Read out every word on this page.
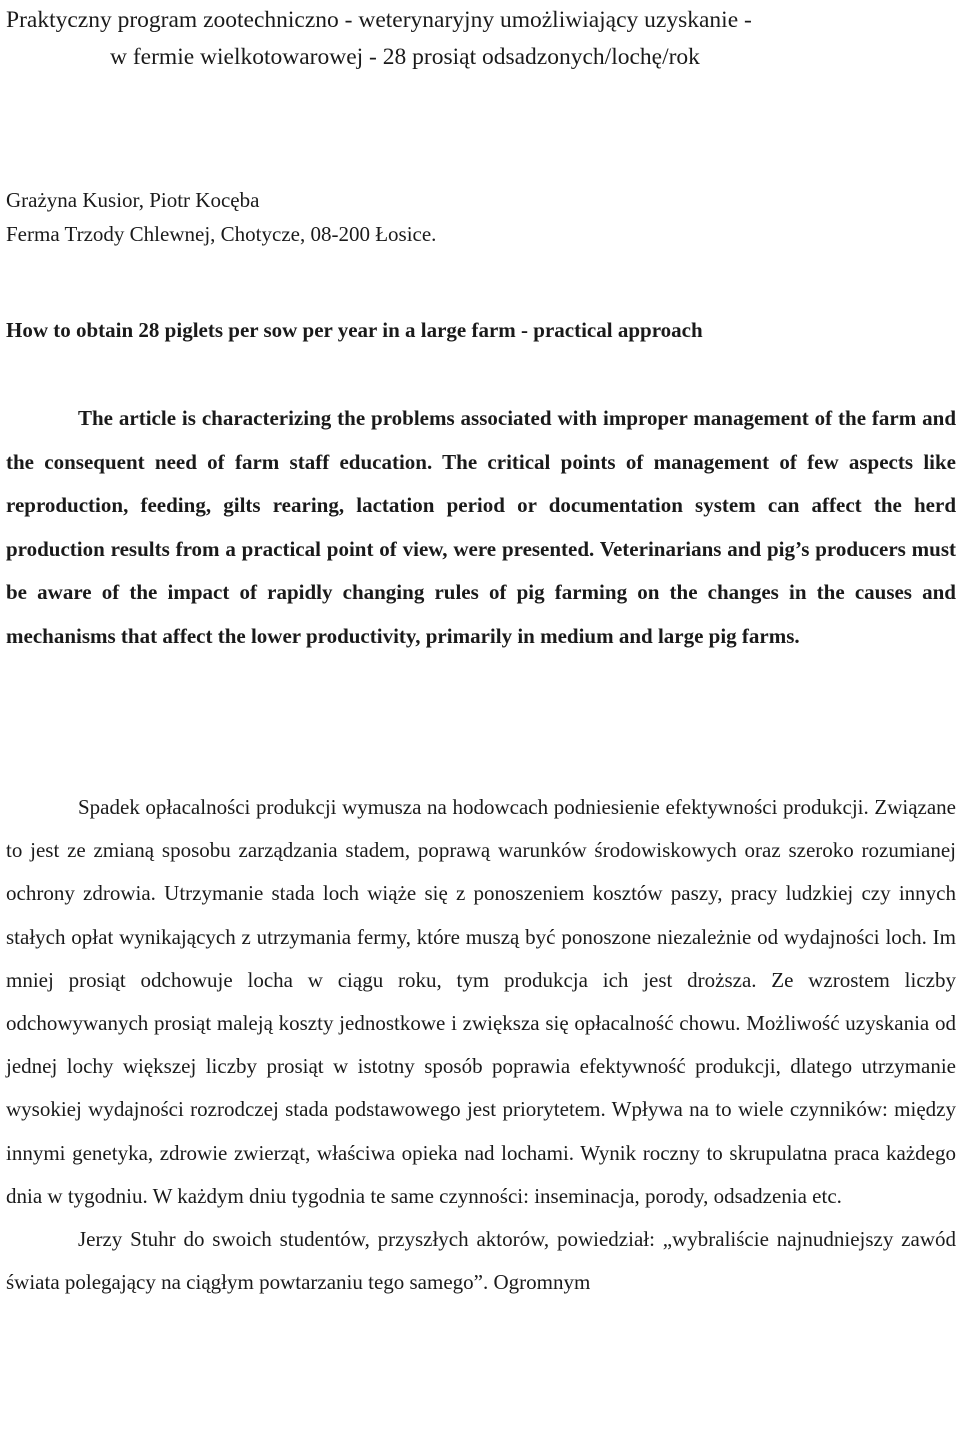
Praktyczny program zootechniczno - weterynaryjny umożliwiający uzyskanie -
w fermie wielkotowarowej - 28 prosiąt odsadzonych/lochę/rok
Grażyna Kusior, Piotr Kocęba
Ferma Trzody Chlewnej, Chotycze, 08-200 Łosice.
How to obtain 28 piglets per sow per year in a large farm - practical approach
The article is characterizing the problems associated with improper management of the farm and the consequent need of farm staff education. The critical points of management of few aspects like reproduction, feeding, gilts rearing, lactation period or documentation system can affect the herd production results from a practical point of view, were presented. Veterinarians and pig’s producers must be aware of the impact of rapidly changing rules of pig farming on the changes in the causes and mechanisms that affect the lower productivity, primarily in medium and large pig farms.

Spadek opłacalności produkcji wymusza na hodowcach podniesienie efektywności produkcji. Związane to jest ze zmianą sposobu zarządzania stadem, poprawą warunków środowiskowych oraz szeroko rozumianej ochrony zdrowia. Utrzymanie stada loch wiąże się z ponoszeniem kosztów paszy, pracy ludzkiej czy innych stałych opłat wynikających z utrzymania fermy, które muszą być ponoszone niezależnie od wydajności loch. Im mniej prosiąt odchowuje locha w ciągu roku, tym produkcja ich jest droższa. Ze wzrostem liczby odchowywanych prosiąt maleją koszty jednostkowe i zwiększa się opłacalność chowu. Możliwość uzyskania od jednej lochy większej liczby prosiąt w istotny sposób poprawia efektywność produkcji, dlatego utrzymanie wysokiej wydajności rozrodczej stada podstawowego jest priorytetem. Wpływa na to wiele czynników: między innymi genetyka, zdrowie zwierząt, właściwa opieka nad lochami. Wynik roczny to skrupulatna praca każdego dnia w tygodniu. W każdym dniu tygodnia te same czynności: inseminacja, porody, odsadzenia etc.

Jerzy Stuhr do swoich studentów, przyszłych aktorów, powiedział: „wybraliście najnudniejszy zawód świata polegający na ciągłym powtarzaniu tego samego”. Ogromnym
